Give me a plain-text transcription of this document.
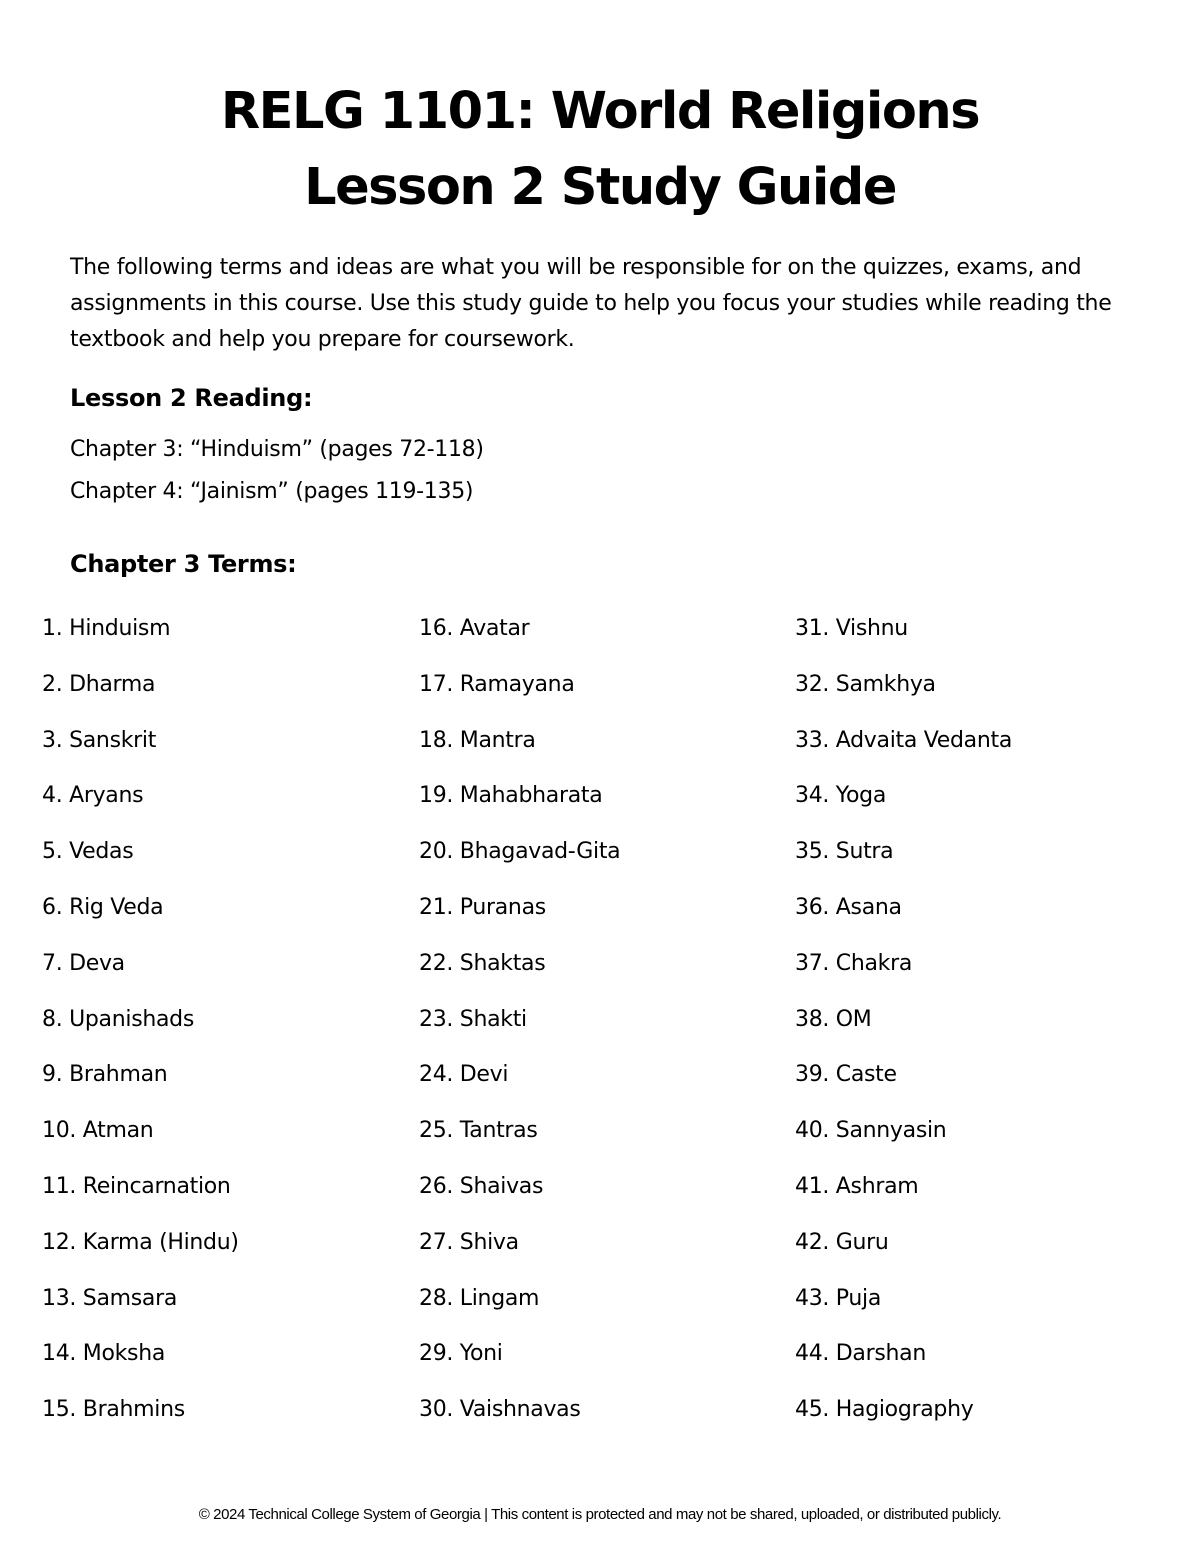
RELG 1101: World Religions
Lesson 2 Study Guide

The following terms and ideas are what you will be responsible for on the quizzes, exams, and assignments in this course. Use this study guide to help you focus your studies while reading the textbook and help you prepare for coursework.

Lesson 2 Reading:
Chapter 3: “Hinduism” (pages 72-118)
Chapter 4: “Jainism” (pages 119-135)
Chapter 3 Terms:
1. Hinduism
2. Dharma
3. Sanskrit
4. Aryans
5. Vedas
6. Rig Veda
7. Deva
8. Upanishads
9. Brahman
10. Atman
11. Reincarnation
12. Karma (Hindu)
13. Samsara
14. Moksha
15. Brahmins
16. Avatar
17. Ramayana
18. Mantra
19. Mahabharata
20. Bhagavad-Gita
21. Puranas
22. Shaktas
23. Shakti
24. Devi
25. Tantras
26. Shaivas
27. Shiva
28. Lingam
29. Yoni
30. Vaishnavas
31. Vishnu
32. Samkhya
33. Advaita Vedanta
34. Yoga
35. Sutra
36. Asana
37. Chakra
38. OM
39. Caste
40. Sannyasin
41. Ashram
42. Guru
43. Puja
44. Darshan
45. Hagiography
© 2024 Technical College System of Georgia | This content is protected and may not be shared, uploaded, or distributed publicly.
